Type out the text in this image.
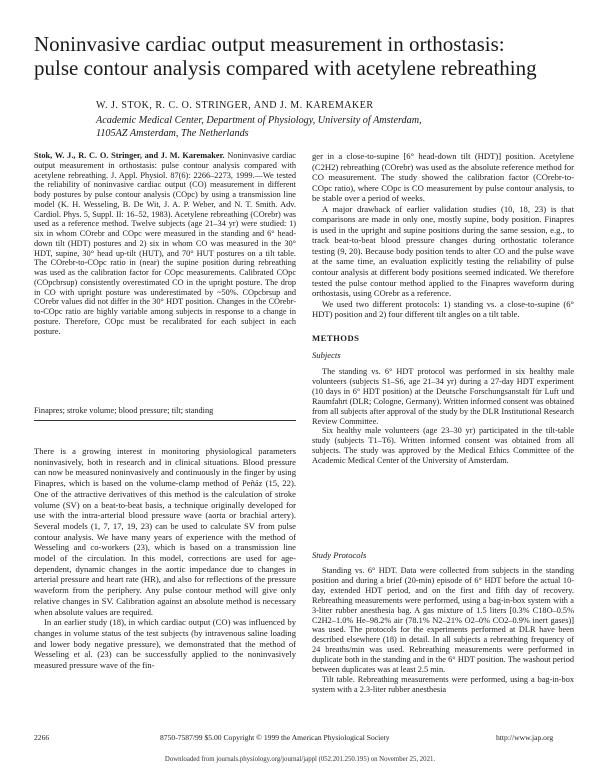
Noninvasive cardiac output measurement in orthostasis:
pulse contour analysis compared with acetylene rebreathing
W. J. STOK, R. C. O. STRINGER, AND J. M. KAREMAKER
Academic Medical Center, Department of Physiology, University of Amsterdam,
1105AZ Amsterdam, The Netherlands
Stok, W. J., R. C. O. Stringer, and J. M. Karemaker. Noninvasive cardiac output measurement in orthostasis: pulse contour analysis compared with acetylene rebreathing. J. Appl. Physiol. 87(6): 2266–2273, 1999.—We tested the reliability of noninvasive cardiac output (CO) measurement in different body postures by pulse contour analysis (COpc) by using a transmission line model (K. H. Wesseling, B. De Wit, J. A. P. Weber, and N. T. Smith. Adv. Cardiol. Phys. 5, Suppl. II: 16–52, 1983). Acetylene rebreathing (COrebr) was used as a reference method. Twelve subjects (age 21–34 yr) were studied: 1) six in whom COrebr and COpc were measured in the standing and 6° head-down tilt (HDT) postures and 2) six in whom CO was measured in the 30° HDT, supine, 30° head up-tilt (HUT), and 70° HUT postures on a tilt table. The COrebr-to-COpc ratio in (near) the supine position during rebreathing was used as the calibration factor for COpc measurements. Calibrated COpc (COpcbrsup) consistently overestimated CO in the upright posture. The drop in CO with upright posture was underestimated by ~50%. COpcbrsup and COrebr values did not differ in the 30° HDT position. Changes in the COrebr-to-COpc ratio are highly variable among subjects in response to a change in posture. Therefore, COpc must be recalibrated for each subject in each posture.
Finapres; stroke volume; blood pressure; tilt; standing

There is a growing interest in monitoring physiological parameters noninvasively, both in research and in clinical situations. Blood pressure can now be measured noninvasively and continuously in the finger by using Finapres, which is based on the volume-clamp method of Peñáz (15, 22). One of the attractive derivatives of this method is the calculation of stroke volume (SV) on a beat-to-beat basis, a technique originally developed for use with the intra-arterial blood pressure wave (aorta or brachial artery). Several models (1, 7, 17, 19, 23) can be used to calculate SV from pulse contour analysis. We have many years of experience with the method of Wesseling and co-workers (23), which is based on a transmission line model of the circulation. In this model, corrections are used for age-dependent, dynamic changes in the aortic impedance due to changes in arterial pressure and heart rate (HR), and also for reflections of the pressure waveform from the periphery. Any pulse contour method will give only relative changes in SV. Calibration against an absolute method is necessary when absolute values are required.

In an earlier study (18), in which cardiac output (CO) was influenced by changes in volume status of the test subjects (by intravenous saline loading and lower body negative pressure), we demonstrated that the method of Wesseling et al. (23) can be successfully applied to the noninvasively measured pressure wave of the fin-

ger in a close-to-supine [6° head-down tilt (HDT)] position. Acetylene (C2H2) rebreathing (COrebr) was used as the absolute reference method for CO measurement. The study showed the calibration factor (COrebr-to-COpc ratio), where COpc is CO measurement by pulse contour analysis, to be stable over a period of weeks.

A major drawback of earlier validation studies (10, 18, 23) is that comparisons are made in only one, mostly supine, body position. Finapres is used in the upright and supine positions during the same session, e.g., to track beat-to-beat blood pressure changes during orthostatic tolerance testing (9, 20). Because body position tends to alter CO and the pulse wave at the same time, an evaluation explicitly testing the reliability of pulse contour analysis at different body positions seemed indicated. We therefore tested the pulse contour method applied to the Finapres waveform during orthostasis, using COrebr as a reference.

We used two different protocols: 1) standing vs. a close-to-supine (6° HDT) position and 2) four different tilt angles on a tilt table.

METHODS
Subjects

The standing vs. 6° HDT protocol was performed in six healthy male volunteers (subjects S1–S6, age 21–34 yr) during a 27-day HDT experiment (10 days in 6° HDT position) at the Deutsche Forschungsanstalt für Luft und Raumfahrt (DLR; Cologne, Germany). Written informed consent was obtained from all subjects after approval of the study by the DLR Institutional Research Review Committee.

Six healthy male volunteers (age 23–30 yr) participated in the tilt-table study (subjects T1–T6). Written informed consent was obtained from all subjects. The study was approved by the Medical Ethics Committee of the Academic Medical Center of the University of Amsterdam.

Study Protocols

Standing vs. 6° HDT. Data were collected from subjects in the standing position and during a brief (20-min) episode of 6° HDT before the actual 10-day, extended HDT period, and on the first and fifth day of recovery. Rebreathing measurements were performed, using a bag-in-box system with a 3-liter rubber anesthesia bag. A gas mixture of 1.5 liters [0.3% C18O–0.5% C2H2–1.0% He–98.2% air (78.1% N2–21% O2–0% CO2–0.9% inert gases)] was used. The protocols for the experiments performed at DLR have been described elsewhere (18) in detail. In all subjects a rebreathing frequency of 24 breaths/min was used. Rebreathing measurements were performed in duplicate both in the standing and in the 6° HDT position. The washout period between duplicates was at least 2.5 min.

Tilt table. Rebreathing measurements were performed, using a bag-in-box system with a 2.3-liter rubber anesthesia

2266	8750-7587/99 $5.00 Copyright © 1999 the American Physiological Society	http://www.jap.org
Downloaded from journals.physiology.org/journal/jappl (052.201.250.195) on November 25, 2021.
